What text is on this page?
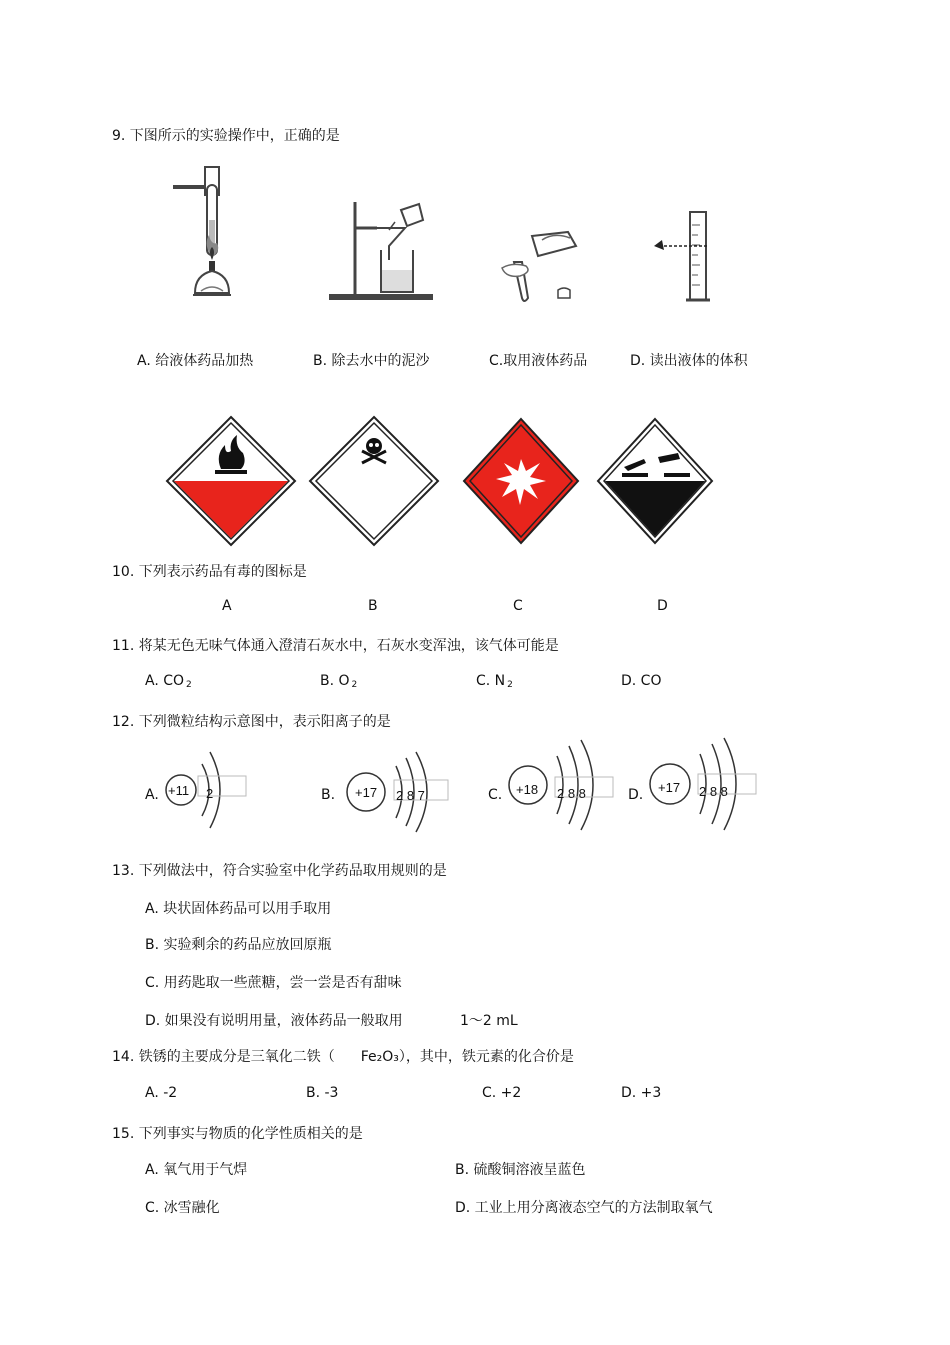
9. 下图所示的实验操作中，正确的是
A. 给液体药品加热	B. 除去水中的泥沙	C.取用液体药品	D. 读出液体的体积
10. 下列表示药品有毒的图标是
A	B	C	D
11. 将某无色无味气体通入澄清石灰水中，石灰水变浑浊，该气体可能是
A. CO $_2$	B. O $_2$	C. N $_2$	D. CO
12. 下列微粒结构示意图中，表示阳离子的是
A. +11 2	B. +17 2 8 7	C. +18 2 8 8	D. +17 2 8 8
13. 下列做法中，符合实验室中化学药品取用规则的是
A. 块状固体药品可以用手取用
B. 实验剩余的药品应放回原瓶
C. 用药匙取一些蔗糖，尝一尝是否有甜味
D. 如果没有说明用量，液体药品一般取用	1～2 mL
14. 铁锈的主要成分是三氧化二铁（ Fe₂O₃），其中，铁元素的化合价是
A. -2	B. -3	C. +2	D. +3
15. 下列事实与物质的化学性质相关的是
A. 氧气用于气焊	B. 硫酸铜溶液呈蓝色
C. 冰雪融化	D. 工业上用分离液态空气的方法制取氧气
